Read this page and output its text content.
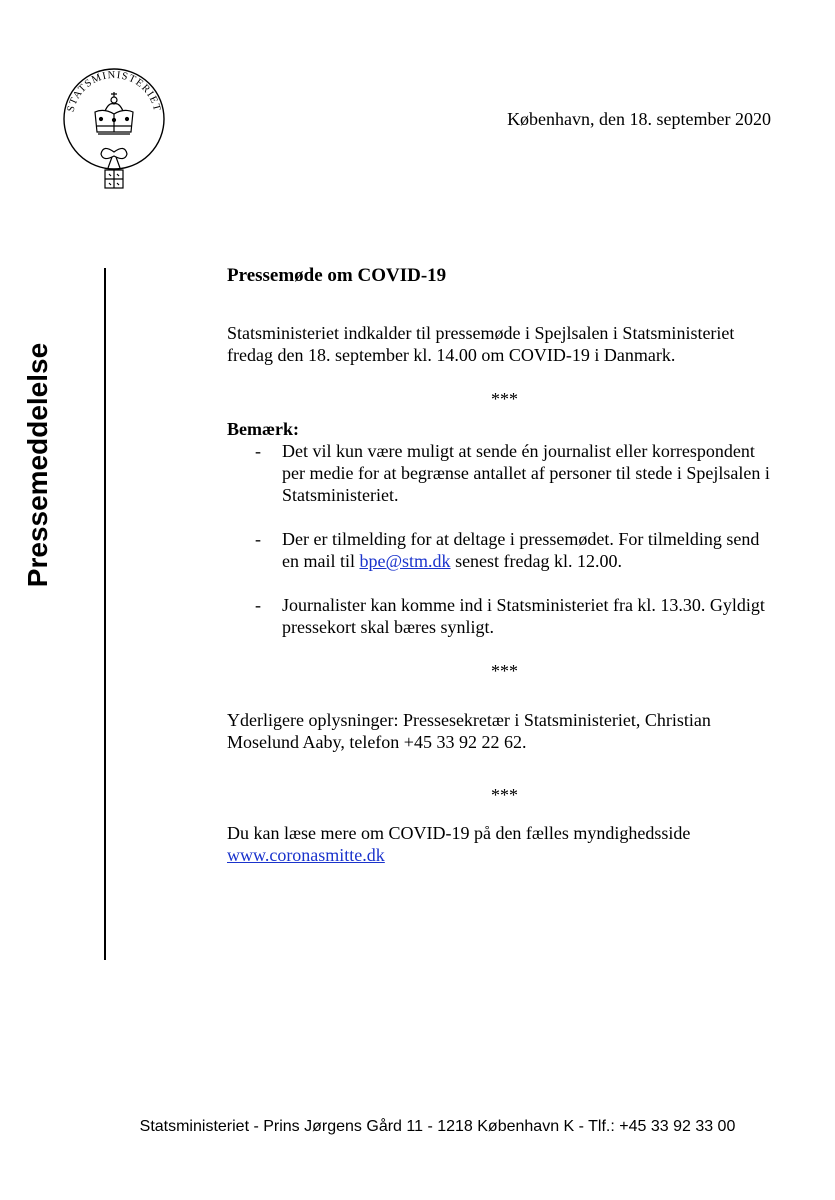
STATSMINISTERIET
København, den 18. september 2020
Pressemeddelelse

Pressemøde om COVID-19

Statsministeriet indkalder til pressemøde i Spejlsalen i Statsministeriet fredag den 18. september kl. 14.00 om COVID-19 i Danmark.

***

Bemærk:

- Det vil kun være muligt at sende én journalist eller korrespondent per medie for at begrænse antallet af personer til stede i Spejlsalen i Statsministeriet.
- Der er tilmelding for at deltage i pressemødet. For tilmelding send en mail til bpe@stm.dk senest fredag kl. 12.00.
- Journalister kan komme ind i Statsministeriet fra kl. 13.30. Gyldigt pressekort skal bæres synligt.

***

Yderligere oplysninger: Pressesekretær i Statsministeriet, Christian Moselund Aaby, telefon +45 33 92 22 62.

***

Du kan læse mere om COVID-19 på den fælles myndighedsside
www.coronasmitte.dk

Statsministeriet - Prins Jørgens Gård 11 - 1218 København K - Tlf.: +45 33 92 33 00
